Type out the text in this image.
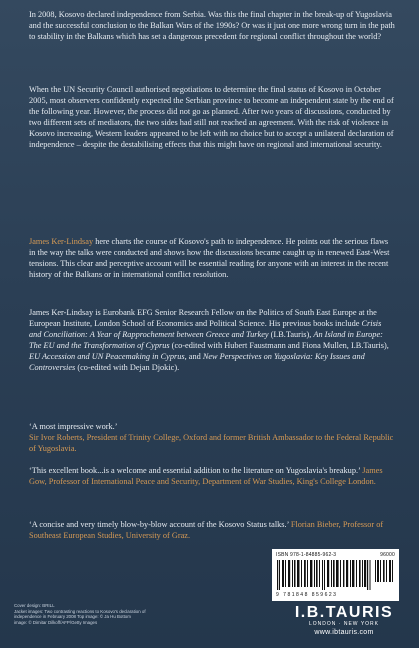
In 2008, Kosovo declared independence from Serbia. Was this the final chapter in the break-up of Yugoslavia and the successful conclusion to the Balkan Wars of the 1990s? Or was it just one more wrong turn in the path to stability in the Balkans which has set a dangerous precedent for regional conflict throughout the world?

When the UN Security Council authorised negotiations to determine the final status of Kosovo in October 2005, most observers confidently expected the Serbian province to become an independent state by the end of the following year. However, the process did not go as planned. After two years of discussions, conducted by two different sets of mediators, the two sides had still not reached an agreement. With the risk of violence in Kosovo increasing, Western leaders appeared to be left with no choice but to accept a unilateral declaration of independence – despite the destabilising effects that this might have on regional and international security.

James Ker-Lindsay here charts the course of Kosovo's path to independence. He points out the serious flaws in the way the talks were conducted and shows how the discussions became caught up in renewed East-West tensions. This clear and perceptive account will be essential reading for anyone with an interest in the recent history of the Balkans or in international conflict resolution.

James Ker-Lindsay is Eurobank EFG Senior Research Fellow on the Politics of South East Europe at the European Institute, London School of Economics and Political Science. His previous books include Crisis and Conciliation: A Year of Rapprochement between Greece and Turkey (I.B.Tauris), An Island in Europe: The EU and the Transformation of Cyprus (co-edited with Hubert Faustmann and Fiona Mullen, I.B.Tauris), EU Accession and UN Peacemaking in Cyprus, and New Perspectives on Yugoslavia: Key Issues and Controversies (co-edited with Dejan Djokic).

‘A most impressive work.’
Sir Ivor Roberts, President of Trinity College, Oxford and former British Ambassador to the Federal Republic of Yugoslavia.

‘This excellent book...is a welcome and essential addition to the literature on Yugoslavia's breakup.’ James Gow, Professor of International Peace and Security, Department of War Studies, King's College London.

‘A concise and very timely blow-by-blow account of the Kosovo Status talks.’ Florian Bieber, Professor of Southeast European Studies, University of Graz.

ISBN 978-1-84885-962-3	96000
9 781848 859623
I.B.TAURIS
LONDON · NEW YORK
www.ibtauris.com
Cover design: BRILL
Jacket images: Two contrasting reactions to Kosovo's declaration of
independence in February 2008 Top image: © Ja Hu Bottom
image: © Dimitar Dilkoff/AFP/Getty Images
